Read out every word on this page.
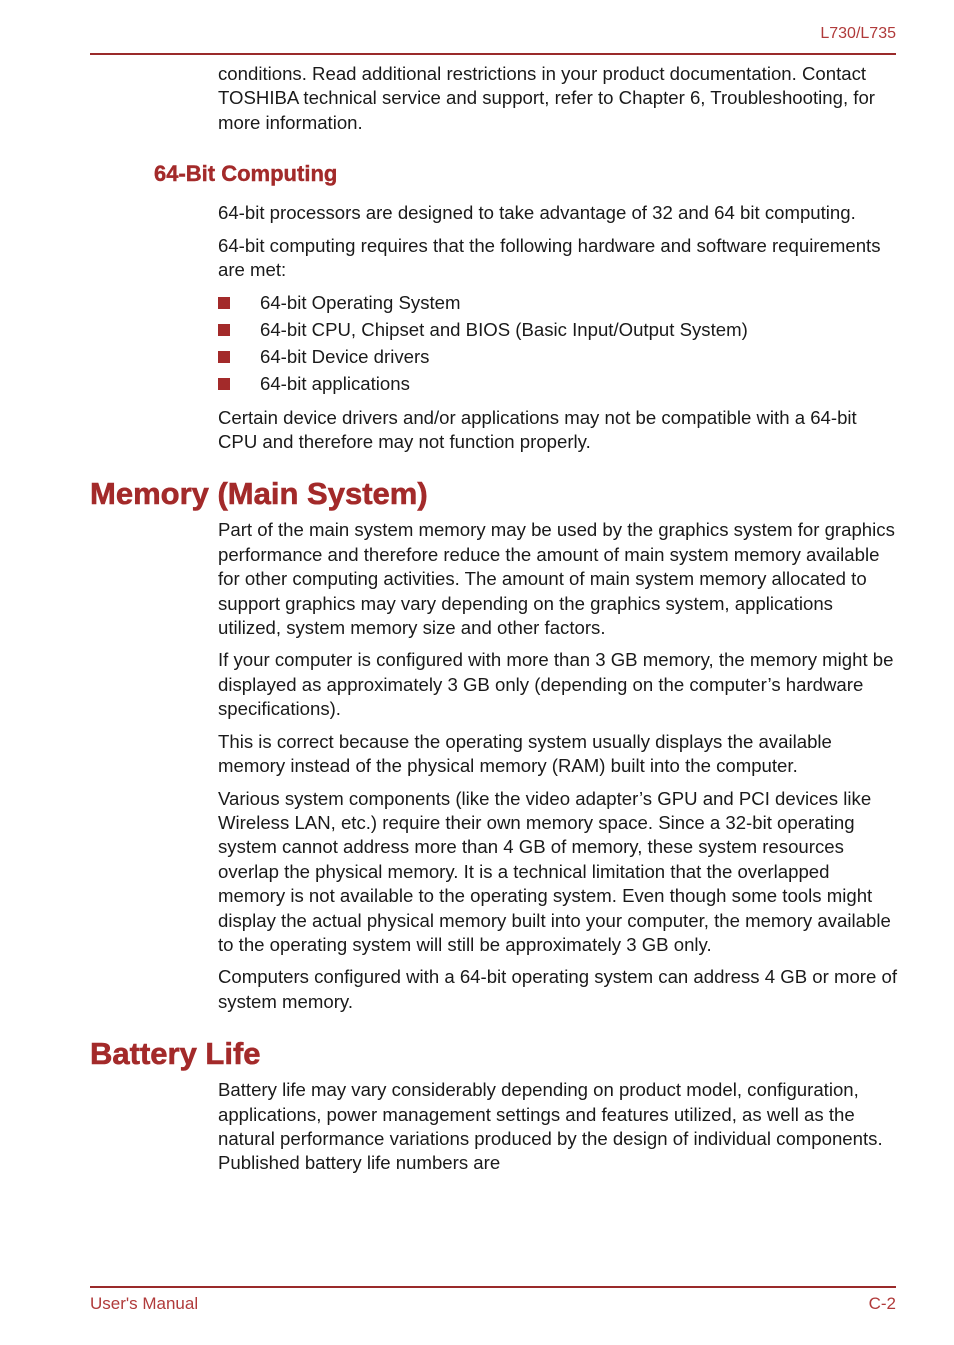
L730/L735

conditions. Read additional restrictions in your product documentation. Contact TOSHIBA technical service and support, refer to Chapter 6, Troubleshooting, for more information.

64-Bit Computing

64-bit processors are designed to take advantage of 32 and 64 bit computing.

64-bit computing requires that the following hardware and software requirements are met:

64-bit Operating System
64-bit CPU, Chipset and BIOS (Basic Input/Output System)
64-bit Device drivers
64-bit applications

Certain device drivers and/or applications may not be compatible with a 64-bit CPU and therefore may not function properly.

Memory (Main System)

Part of the main system memory may be used by the graphics system for graphics performance and therefore reduce the amount of main system memory available for other computing activities. The amount of main system memory allocated to support graphics may vary depending on the graphics system, applications utilized, system memory size and other factors.

If your computer is configured with more than 3 GB memory, the memory might be displayed as approximately 3 GB only (depending on the computer’s hardware specifications).

This is correct because the operating system usually displays the available memory instead of the physical memory (RAM) built into the computer.

Various system components (like the video adapter’s GPU and PCI devices like Wireless LAN, etc.) require their own memory space. Since a 32-bit operating system cannot address more than 4 GB of memory, these system resources overlap the physical memory. It is a technical limitation that the overlapped memory is not available to the operating system. Even though some tools might display the actual physical memory built into your computer, the memory available to the operating system will still be approximately 3 GB only.

Computers configured with a 64-bit operating system can address 4 GB or more of system memory.

Battery Life

Battery life may vary considerably depending on product model, configuration, applications, power management settings and features utilized, as well as the natural performance variations produced by the design of individual components. Published battery life numbers are

User's Manual	C-2
